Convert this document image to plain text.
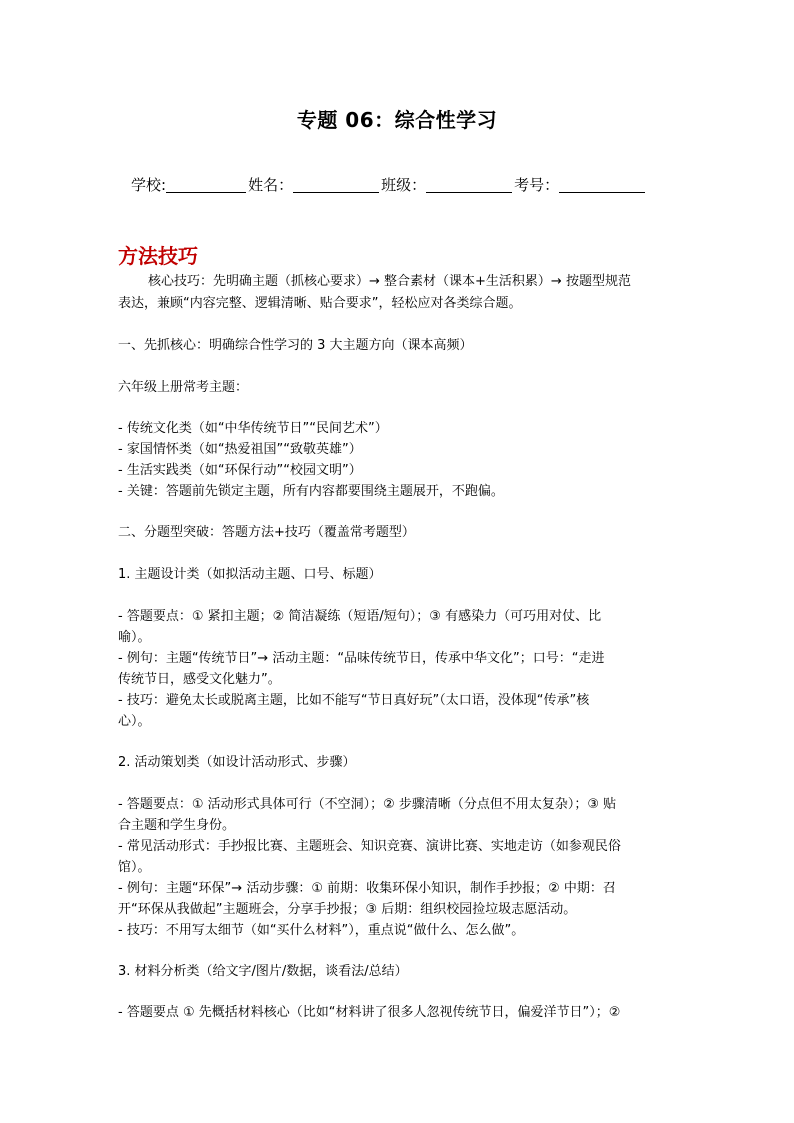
专题 06：综合性学习
学校:	姓名：	班级：	考号：
方法技巧
核心技巧：先明确主题（抓核心要求）→ 整合素材（课本+生活积累）→ 按题型规范
表达，兼顾“内容完整、逻辑清晰、贴合要求”，轻松应对各类综合题。
一、先抓核心：明确综合性学习的 3 大主题方向（课本高频）
六年级上册常考主题：
- 传统文化类（如“中华传统节日”“民间艺术”）
- 家国情怀类（如“热爱祖国”“致敬英雄”）
- 生活实践类（如“环保行动”“校园文明”）
- 关键：答题前先锁定主题，所有内容都要围绕主题展开，不跑偏。
二、分题型突破：答题方法+技巧（覆盖常考题型）
1. 主题设计类（如拟活动主题、口号、标题）
- 答题要点：① 紧扣主题；② 简洁凝练（短语/短句）；③ 有感染力（可巧用对仗、比
喻）。
- 例句：主题“传统节日”→ 活动主题：“品味传统节日，传承中华文化”；口号：“走进
传统节日，感受文化魅力”。
- 技巧：避免太长或脱离主题，比如不能写“节日真好玩”（太口语，没体现“传承”核
心）。
2. 活动策划类（如设计活动形式、步骤）
- 答题要点：① 活动形式具体可行（不空洞）；② 步骤清晰（分点但不用太复杂）；③ 贴
合主题和学生身份。
- 常见活动形式：手抄报比赛、主题班会、知识竞赛、演讲比赛、实地走访（如参观民俗
馆）。
- 例句：主题“环保”→ 活动步骤：① 前期：收集环保小知识，制作手抄报；② 中期：召
开“环保从我做起”主题班会，分享手抄报；③ 后期：组织校园捡垃圾志愿活动。
- 技巧：不用写太细节（如“买什么材料”），重点说“做什么、怎么做”。
3. 材料分析类（给文字/图片/数据，谈看法/总结）
- 答题要点 ① 先概括材料核心（比如“材料讲了很多人忽视传统节日，偏爱洋节日”）；②
